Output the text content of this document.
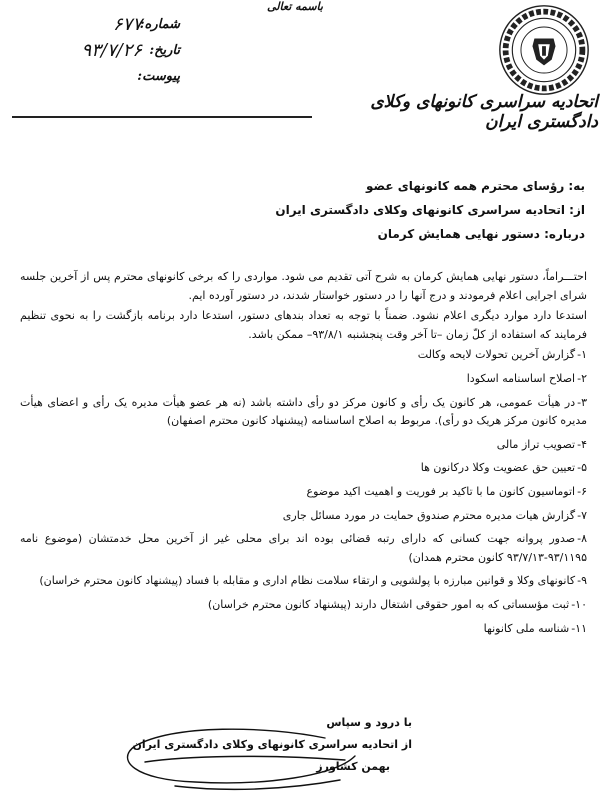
باسمه تعالی
شماره:
۶۷۷
تاریخ:
۹۳/۷/۲۶
پیوست:
اتحادیه سراسری کانونهای وکلای دادگستری ایران
به: رؤسای محترم همه کانونهای عضو
از: اتحادیه سراسری کانونهای وکلای دادگستری ایران
درباره: دستور نهایی همایش کرمان

احتـــراماً، دستور نهایی همایش کرمان به شرح آتی تقدیم می شود. مواردی را که برخی کانونهای محترم پس از آخرین جلسه شرای اجرایی اعلام فرمودند و درج آنها را در دستور خواستار شدند، در دستور آورده ایم.

استدعا دارد موارد دیگری اعلام نشود. ضمناً با توجه به تعداد بندهای دستور، استدعا دارد برنامه بازگشت را به نحوی تنظیم فرمایند که استفاده از کلّ زمان –تا آخر وقت پنجشنبه ۹۳/۸/۱– ممکن باشد.

۱-گزارش آخرین تحولات لایحه وکالت
۲-اصلاح اساسنامه اسکودا
۳-در هیأت عمومی، هر کانون یک رأی و کانون مرکز دو رأی داشته باشد (نه هر عضو هیأت مدیره یک رأی و اعضای هیأت مدیره کانون مرکز هریک دو رأی). مربوط به اصلاح اساسنامه (پیشنهاد کانون محترم اصفهان)
۴-تصویب تراز مالی
۵-تعیین حق عضویت وکلا درکانون ها
۶-اتوماسیون کانون ما با تاکید بر فوریت و اهمیت اکید موضوع
۷-گزارش هیات مدیره محترم صندوق حمایت در مورد مسائل جاری
۸-صدور پروانه جهت کسانی که دارای رتبه قضائی بوده اند برای محلی غیر از آخرین محل خدمتشان (موضوع نامه ۹۳/۱۱۹۵-۹۳/۷/۱۳ کانون محترم همدان)
۹-کانونهای وکلا و قوانین مبارزه با پولشویی و ارتقاء سلامت نظام اداری و مقابله با فساد (پیشنهاد کانون محترم خراسان)
۱۰-ثبت مؤسساتی که به امور حقوقی اشتغال دارند (پیشنهاد کانون محترم خراسان)
۱۱-شناسه ملی کانونها
با درود و سپاس
از اتحادیه سراسری کانونهای وکلای دادگستری ایران
بهمن کشاورز
